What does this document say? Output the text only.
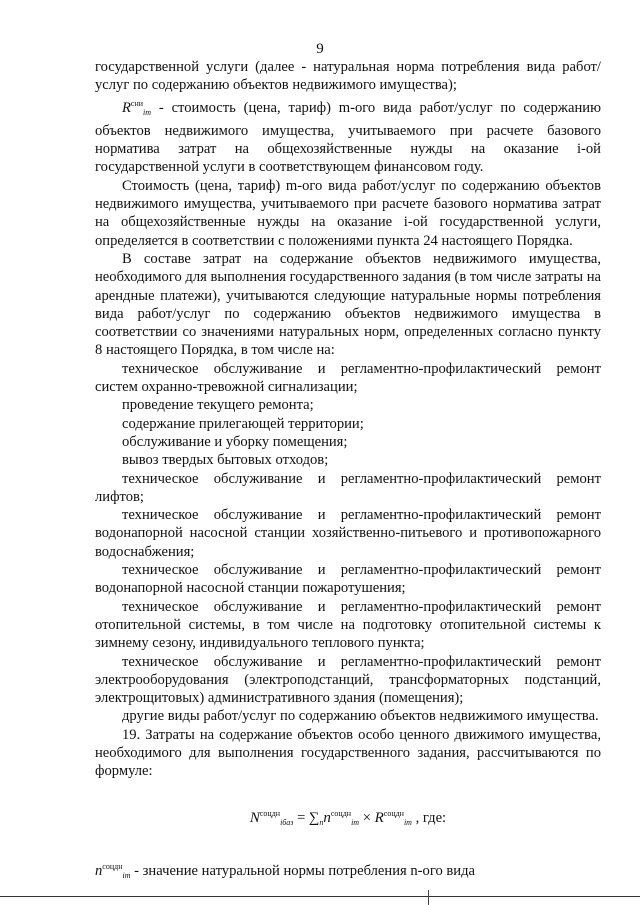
9

государственной услуги (далее - натуральная норма потребления вида работ/услуг по содержанию объектов недвижимого имущества);

$R^{сни}_{im}$ - стоимость (цена, тариф) m-ого вида работ/услуг по содержанию объектов недвижимого имущества, учитываемого при расчете базового норматива затрат на общехозяйственные нужды на оказание i-ой государственной услуги в соответствующем финансовом году.

Стоимость (цена, тариф) m-ого вида работ/услуг по содержанию объектов недвижимого имущества, учитываемого при расчете базового норматива затрат на общехозяйственные нужды на оказание i-ой государственной услуги, определяется в соответствии с положениями пункта 24 настоящего Порядка.

В составе затрат на содержание объектов недвижимого имущества, необходимого для выполнения государственного задания (в том числе затраты на арендные платежи), учитываются следующие натуральные нормы потребления вида работ/услуг по содержанию объектов недвижимого имущества в соответствии со значениями натуральных норм, определенных согласно пункту 8 настоящего Порядка, в том числе на:

техническое обслуживание и регламентно-профилактический ремонт систем охранно-тревожной сигнализации;

проведение текущего ремонта;

содержание прилегающей территории;

обслуживание и уборку помещения;

вывоз твердых бытовых отходов;

техническое обслуживание и регламентно-профилактический ремонт лифтов;

техническое обслуживание и регламентно-профилактический ремонт водонапорной насосной станции хозяйственно-питьевого и противопожарного водоснабжения;

техническое обслуживание и регламентно-профилактический ремонт водонапорной насосной станции пожаротушения;

техническое обслуживание и регламентно-профилактический ремонт отопительной системы, в том числе на подготовку отопительной системы к зимнему сезону, индивидуального теплового пункта;

техническое обслуживание и регламентно-профилактический ремонт электрооборудования (электроподстанций, трансформаторных подстанций, электрощитовых) административного здания (помещения);

другие виды работ/услуг по содержанию объектов недвижимого имущества.

19. Затраты на содержание объектов особо ценного движимого имущества, необходимого для выполнения государственного задания, рассчитываются по формуле:

$N^{соцдн}_{iбаз} = \sum_nn^{соцдн}_{im} \times R^{соцдн}_{im}$ , где:

$n^{соцдн}_{im}$ - значение натуральной нормы потребления n-ого вида
